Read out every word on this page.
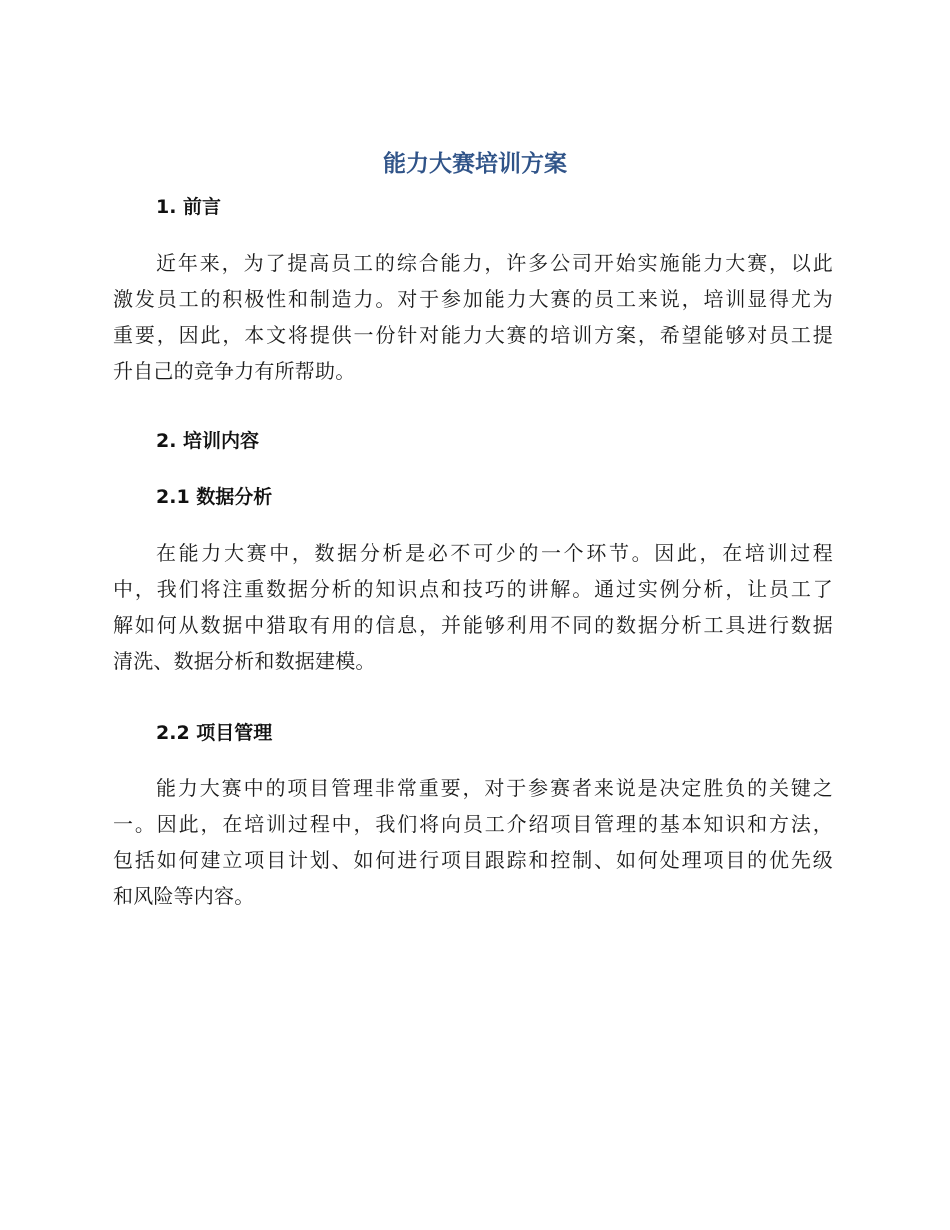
能力大赛培训方案
1. 前言

近年来，为了提高员工的综合能力，许多公司开始实施能力大赛，以此
激发员工的积极性和制造力。对于参加能力大赛的员工来说，培训显得尤为
重要，因此，本文将提供一份针对能力大赛的培训方案，希望能够对员工提
升自己的竞争力有所帮助。

2. 培训内容
2.1 数据分析

在能力大赛中，数据分析是必不可少的一个环节。因此，在培训过程
中，我们将注重数据分析的知识点和技巧的讲解。通过实例分析，让员工了
解如何从数据中猎取有用的信息，并能够利用不同的数据分析工具进行数据
清洗、数据分析和数据建模。

2.2 项目管理

能力大赛中的项目管理非常重要，对于参赛者来说是决定胜负的关键之
一。因此，在培训过程中，我们将向员工介绍项目管理的基本知识和方法，
包括如何建立项目计划、如何进行项目跟踪和控制、如何处理项目的优先级
和风险等内容。
